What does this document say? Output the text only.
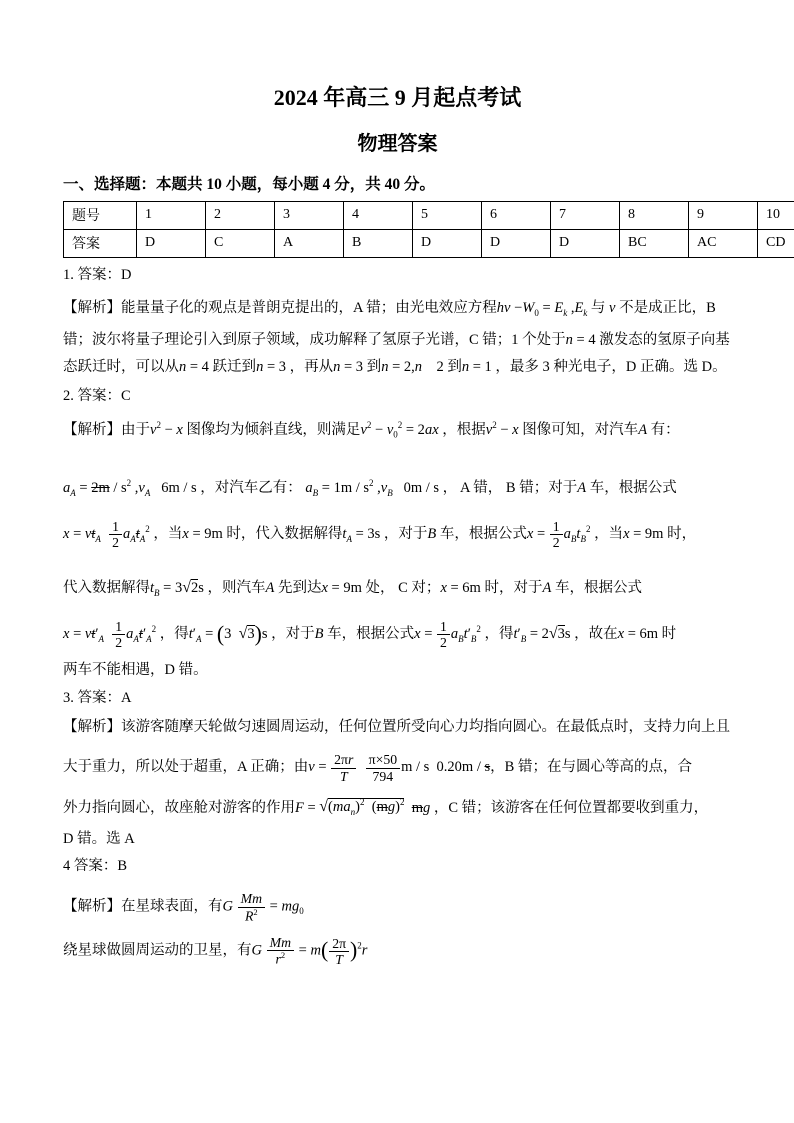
2024 年高三 9 月起点考试
物理答案
一、选择题：本题共 10 小题，每小题 4 分，共 40 分。
题号	1	2	3	4	5	6	7	8	9	10
答案	D	C	A	B	D	D	D	BC	AC	CD
1. 答案：D
【解析】能量量子化的观点是普朗克提出的，A 错；由光电效应方程hv $-W_0 = E_k$ $,E_k$ 与 v 不是成正比，B
错；波尔将量子理论引入到原子领域，成功解释了氢原子光谱，C 错；1 个处于n = 4 激发态的氢原子向基
态跃迁时，可以从n = 4 跃迁到n = 3 ，再从n = 3 到n = 2,n    2 到n = 1 ，最多 3 种光电子，D 正确。选 D。
2. 答案：C
【解析】由于$v^2 - x$ 图像均为倾斜直线，则满足$v^2 - v_0^2 = 2ax$ ，根据$v^2 - x$ 图像可知，对汽车A 有：
$a_A = 2m / s^2$ $,v_A$   6m / s ，对汽车乙有： $a_B = 1m / s^2$ $,v_B$   0m / s ， A 错， B 错；对于A 车，根据公式
$x = vt_A \frac{1}{2} a_At_A^2$ ，当x = 9m 时，代入数据解得$t_A = 3s$ ，对于B 车，根据公式$x = \frac{1}{2} a_Bt_B^2$ ，当x = 9m 时，
代入数据解得$t_B = 3$ √ 2s ，则汽车A 先到达x = 9m 处， C 对；x = 6m 时，对于A 车，根据公式
$x = vt'_A \frac{1}{2} a_At'_A^2$ ，得$t'_A = (3$  √ 3)s ，对于B 车，根据公式$x = \frac{1}{2} a_Bt'_B^2$ ，得$t'_B = 2$ √ 3s ，故在x = 6m 时
两车不能相遇，D 错。
3. 答案：A
【解析】该游客随摩天轮做匀速圆周运动，任何位置所受向心力均指向圆心。在最低点时，支持力向上且
大于重力，所以处于超重，A 正确；由$v = \frac{2\pi r}{T}$
$\frac{\pi\times 50}{794}$ m / s  0.20m / s，B 错；在与圆心等高的点，合
外力指向圆心，故座舱对游客的作用F = √ $(ma_n)^2$  (mg)$^2$ mg ，C 错；该游客在任何位置都要收到重力，
D 错。选 A
4 答案：B
【解析】在星球表面，有G $\frac{Mm}{R^2} = mg_0$
绕星球做圆周运动的卫星，有G $\frac{Mm}{r^2} = m( \frac{2\pi}{T} )^2r$
